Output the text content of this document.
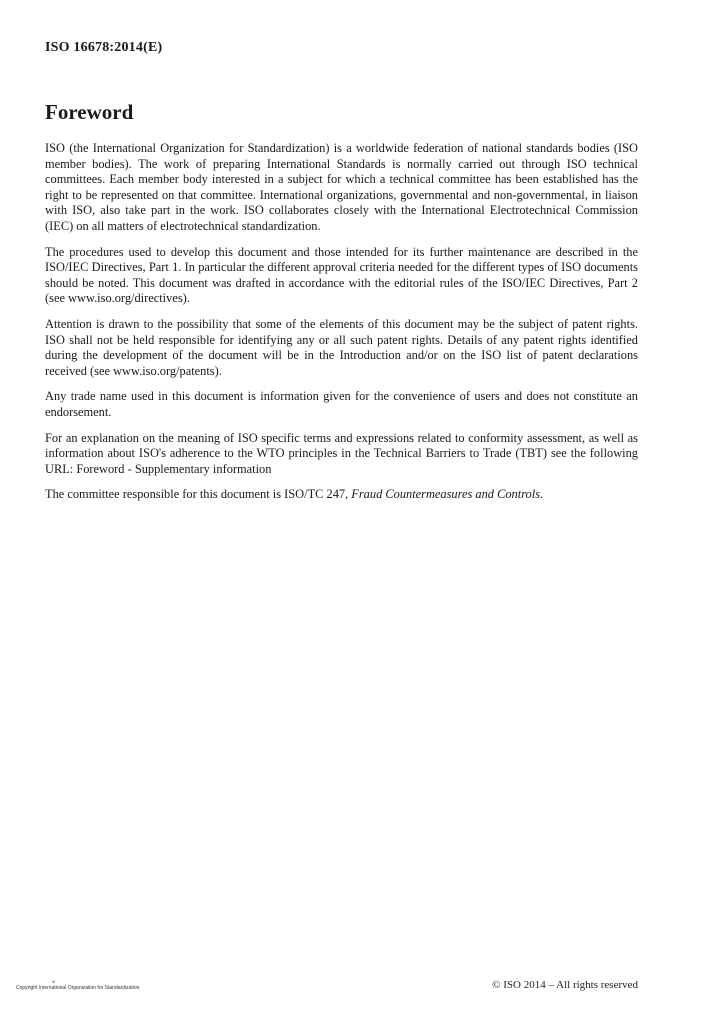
ISO 16678:2014(E)
Foreword

ISO (the International Organization for Standardization) is a worldwide federation of national standards bodies (ISO member bodies). The work of preparing International Standards is normally carried out through ISO technical committees. Each member body interested in a subject for which a technical committee has been established has the right to be represented on that committee. International organizations, governmental and non-governmental, in liaison with ISO, also take part in the work. ISO collaborates closely with the International Electrotechnical Commission (IEC) on all matters of electrotechnical standardization.

The procedures used to develop this document and those intended for its further maintenance are described in the ISO/IEC Directives, Part 1. In particular the different approval criteria needed for the different types of ISO documents should be noted. This document was drafted in accordance with the editorial rules of the ISO/IEC Directives, Part 2 (see www.iso.org/directives).

Attention is drawn to the possibility that some of the elements of this document may be the subject of patent rights. ISO shall not be held responsible for identifying any or all such patent rights. Details of any patent rights identified during the development of the document will be in the Introduction and/or on the ISO list of patent declarations received (see www.iso.org/patents).

Any trade name used in this document is information given for the convenience of users and does not constitute an endorsement.

For an explanation on the meaning of ISO specific terms and expressions related to conformity assessment, as well as information about ISO's adherence to the WTO principles in the Technical Barriers to Trade (TBT) see the following URL: Foreword - Supplementary information

The committee responsible for this document is ISO/TC 247, Fraud Countermeasures and Controls.

iii
Copyright International Organization for Standardization	© ISO 2014 – All rights reserved
